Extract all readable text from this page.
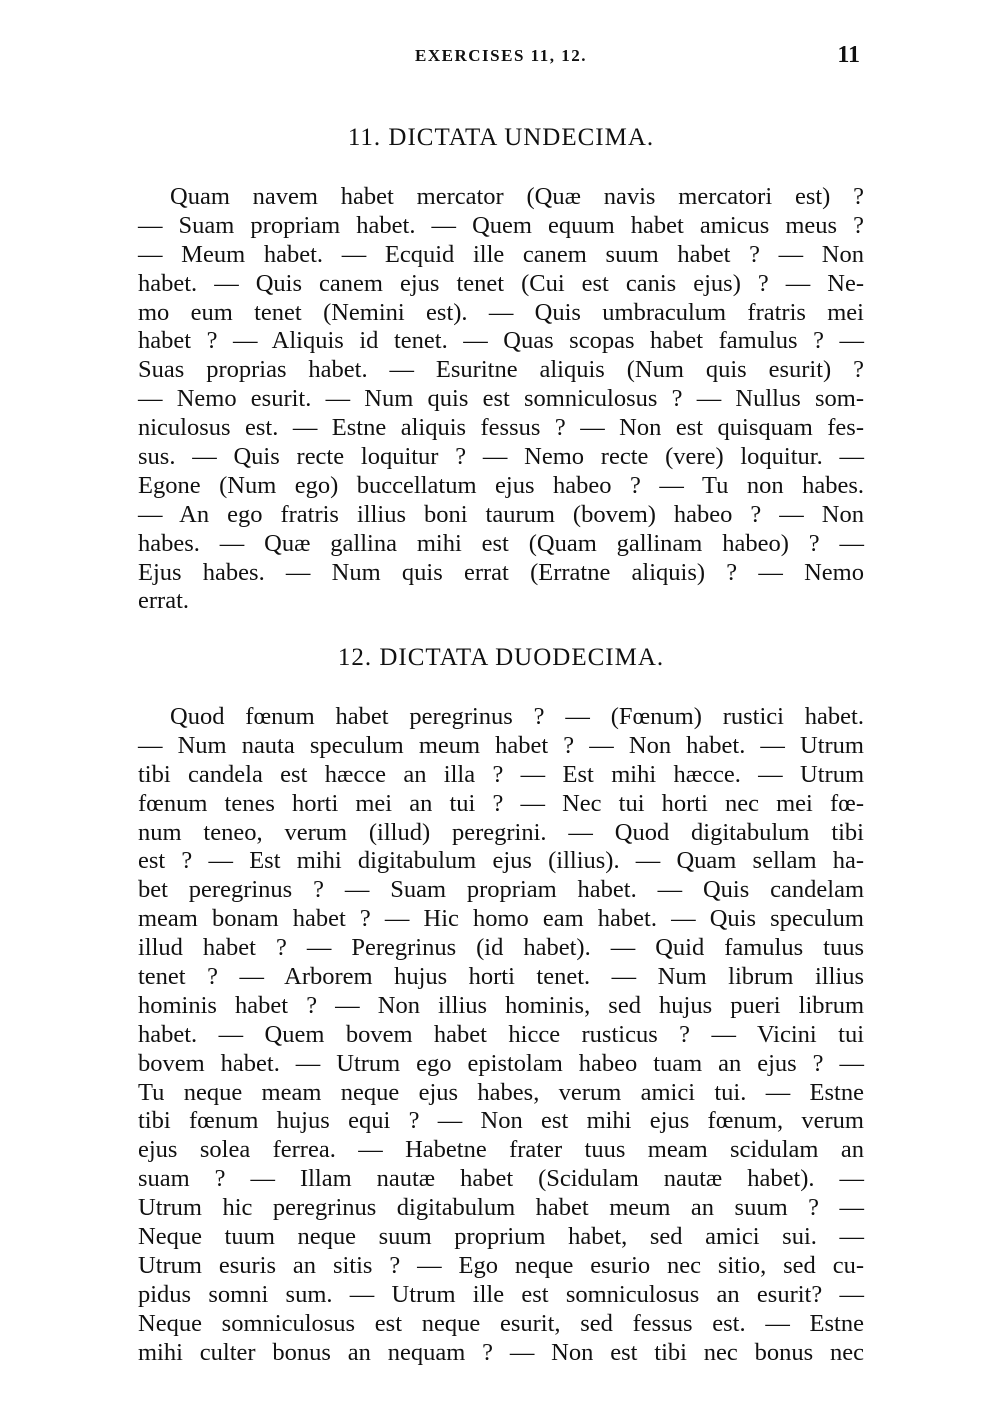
EXERCISES 11, 12.	11
11. DICTATA UNDECIMA.
Quam navem habet mercator (Quæ navis mercatori est) ?
— Suam propriam habet. — Quem equum habet amicus meus ?
— Meum habet. — Ecquid ille canem suum habet ? — Non
habet. — Quis canem ejus tenet (Cui est canis ejus) ? — Ne-
mo eum tenet (Nemini est). — Quis umbraculum fratris mei
habet ? — Aliquis id tenet. — Quas scopas habet famulus ? —
Suas proprias habet. — Esuritne aliquis (Num quis esurit) ?
— Nemo esurit. — Num quis est somniculosus ? — Nullus som-
niculosus est. — Estne aliquis fessus ? — Non est quisquam fes-
sus. — Quis recte loquitur ? — Nemo recte (vere) loquitur. —
Egone (Num ego) buccellatum ejus habeo ? — Tu non habes.
— An ego fratris illius boni taurum (bovem) habeo ? — Non
habes. — Quæ gallina mihi est (Quam gallinam habeo) ? —
Ejus habes. — Num quis errat (Erratne aliquis) ? — Nemo
errat.
12. DICTATA DUODECIMA.
Quod fœnum habet peregrinus ? — (Fœnum) rustici habet.
— Num nauta speculum meum habet ? — Non habet. — Utrum
tibi candela est hæcce an illa ? — Est mihi hæcce. — Utrum
fœnum tenes horti mei an tui ? — Nec tui horti nec mei fœ-
num teneo, verum (illud) peregrini. — Quod digitabulum tibi
est ? — Est mihi digitabulum ejus (illius). — Quam sellam ha-
bet peregrinus ? — Suam propriam habet. — Quis candelam
meam bonam habet ? — Hic homo eam habet. — Quis speculum
illud habet ? — Peregrinus (id habet). — Quid famulus tuus
tenet ? — Arborem hujus horti tenet. — Num librum illius
hominis habet ? — Non illius hominis, sed hujus pueri librum
habet. — Quem bovem habet hicce rusticus ? — Vicini tui
bovem habet. — Utrum ego epistolam habeo tuam an ejus ? —
Tu neque meam neque ejus habes, verum amici tui. — Estne
tibi fœnum hujus equi ? — Non est mihi ejus fœnum, verum
ejus solea ferrea. — Habetne frater tuus meam scidulam an
suam ? — Illam nautæ habet (Scidulam nautæ habet). —
Utrum hic peregrinus digitabulum habet meum an suum ? —
Neque tuum neque suum proprium habet, sed amici sui. —
Utrum esuris an sitis ? — Ego neque esurio nec sitio, sed cu-
pidus somni sum. — Utrum ille est somniculosus an esurit? —
Neque somniculosus est neque esurit, sed fessus est. — Estne
mihi culter bonus an nequam ? — Non est tibi nec bonus nec
